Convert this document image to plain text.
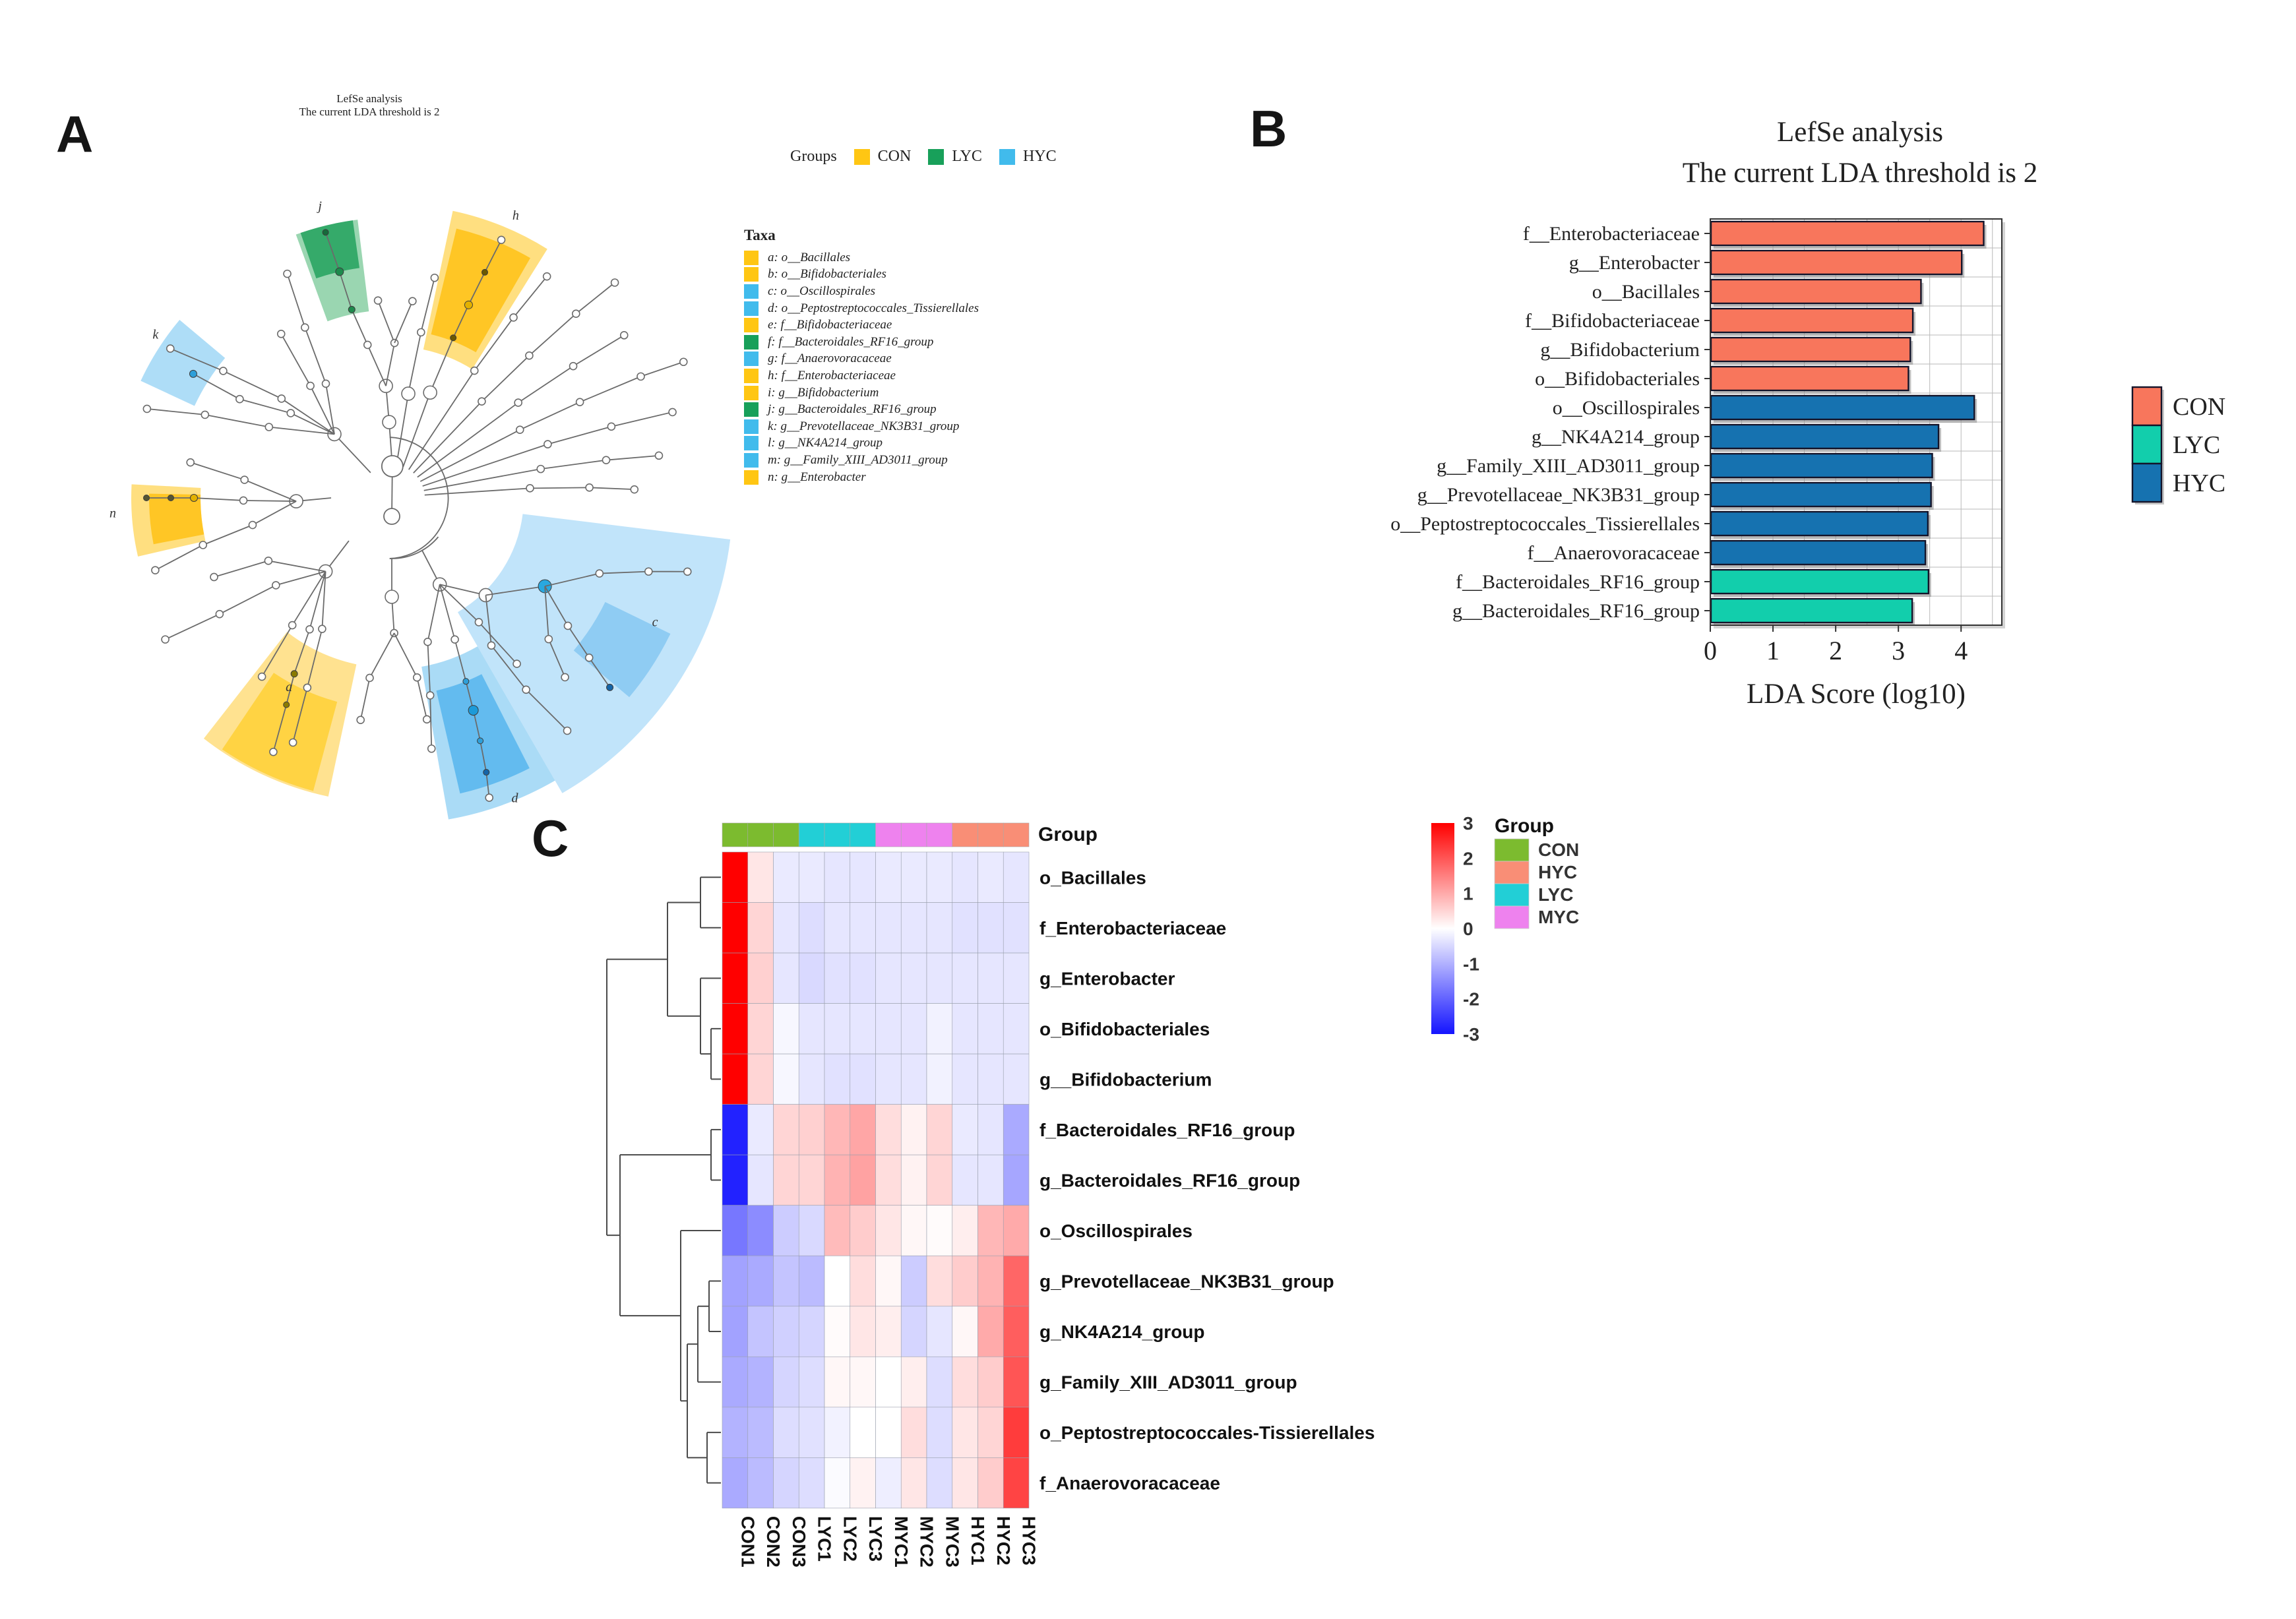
A
LefSe analysis
The current LDA threshold is 2
Groups	CON	LYC	HYC
Taxa
a: o__Bacillales
b: o__Bifidobacteriales
c: o__Oscillospirales
d: o__Peptostreptococcales_Tissierellales
e: f__Bifidobacteriaceae
f: f__Bacteroidales_RF16_group
g: f__Anaerovoracaceae
h: f__Enterobacteriaceae
i: g__Bifidobacterium
j: g__Bacteroidales_RF16_group
k: g__Prevotellaceae_NK3B31_group
l: g__NK4A214_group
m: g__Family_XIII_AD3011_group
n: g__Enterobacter
j
h
k
n
c
d
a
B	LefSe analysis
The current LDA threshold is 2
f__Enterobacteriaceae
g__Enterobacter
o__Bacillales
f__Bifidobacteriaceae
g__Bifidobacterium
o__Bifidobacteriales
o__Oscillospirales
g__NK4A214_group
g__Family_XIII_AD3011_group
g__Prevotellaceae_NK3B31_group
o__Peptostreptococcales_Tissierellales
f__Anaerovoracaceae
f__Bacteroidales_RF16_group
g__Bacteroidales_RF16_group
0 1 2 3 4
LDA Score (log10)
CON
LYC
HYC
C	Group
o_Bacillales
f_Enterobacteriaceae
g_Enterobacter
o_Bifidobacteriales
g__Bifidobacterium
f_Bacteroidales_RF16_group
g_Bacteroidales_RF16_group
o_Oscillospirales
g_Prevotellaceae_NK3B31_group
g_NK4A214_group
g_Family_XIII_AD3011_group
o_Peptostreptococcales-Tissierellales
f_Anaerovoracaceae
CON1 CON2 CON3 LYC1 LYC2 LYC3 MYC1 MYC2 MYC3 HYC1 HYC2 HYC3
3
2
1
0
-1
-2
-3
Group
CON
HYC
LYC
MYC
